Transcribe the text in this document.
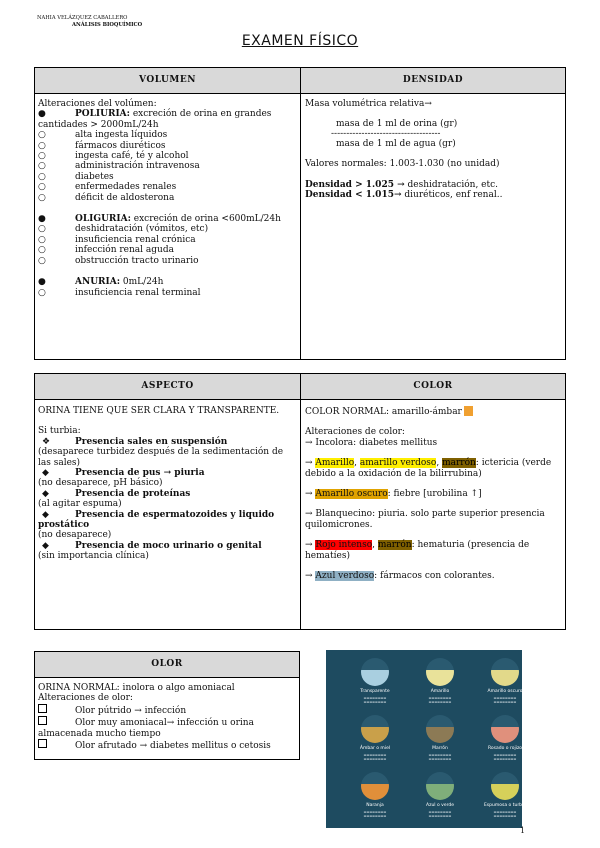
NAHIA VELÁZQUEZ CABALLERO
ANÁLISIS BIOQUÍMICO
EXAMEN FÍSICO
VOLUMEN	DENSIDAD
Alteraciones del volúmen:
●	POLIURIA: excreción de orina en grandes cantidades > 2000mL/24h
○	alta ingesta líquidos
○	fármacos diuréticos
○	ingesta café, té y alcohol
○	administración intravenosa
○	diabetes
○	enfermedades renales
○	déficit de aldosterona
●	OLIGURIA: excreción de orina <600mL/24h
○	deshidratación (vómitos, etc)
○	insuficiencia renal crónica
○	infección renal aguda
○	obstrucción tracto urinario
●	ANURIA: 0mL/24h
○	insuficiencia renal terminal
Masa volumétrica relativa→
masa de 1 ml de orina (gr)
------------------------------------
masa de 1 ml de agua (gr)
Valores normales: 1.003-1.030 (no unidad)
Densidad > 1.025 → deshidratación, etc.
Densidad < 1.015→ diuréticos, enf renal..
ASPECTO	COLOR
ORINA TIENE QUE SER CLARA Y TRANSPARENTE.
Si turbia:
❖	Presencia sales en suspensión
(desaparece turbidez después de la sedimentación de las sales)
◆	Presencia de pus → piuria
(no desaparece, pH básico)
◆	Presencia de proteínas
(al agitar espuma)
◆	Presencia de espermatozoides y liquido prostático
(no desaparece)
◆	Presencia de moco urinario o genital
(sin importancia clínica)
COLOR NORMAL: amarillo-ámbar
Alteraciones de color:
→ Incolora: diabetes mellitus
→ Amarillo, amarillo verdoso, marrón: ictericia (verde debido a la oxidación de la bilirrubina)
→ Amarillo oscuro: fiebre [urobilina ↑]
→ Blanquecino: piuria. solo parte superior presencia quilomicrones.
→ Rojo intenso, marrón: hematuria (presencia de hematíes)
→ Azul verdoso: fármacos con colorantes.
OLOR
ORINA NORMAL: inolora o algo amoniacal
Alteraciones de olor:
Olor pútrido → infección
Olor muy amoniacal→ infección u orina almacenada mucho tiempo
Olor afrutado → diabetes mellitus o cetosis
Transparente
▬▬▬▬▬▬▬▬
▬▬▬▬▬▬▬▬
Amarillo
▬▬▬▬▬▬▬▬
▬▬▬▬▬▬▬▬
Amarillo oscuro
▬▬▬▬▬▬▬▬
▬▬▬▬▬▬▬▬
Ámbar o miel
▬▬▬▬▬▬▬▬
▬▬▬▬▬▬▬▬
Marrón
▬▬▬▬▬▬▬▬
▬▬▬▬▬▬▬▬
Rosado o rojizo
▬▬▬▬▬▬▬▬
▬▬▬▬▬▬▬▬
Naranja
▬▬▬▬▬▬▬▬
▬▬▬▬▬▬▬▬
Azul o verde
▬▬▬▬▬▬▬▬
▬▬▬▬▬▬▬▬
Espumosa o turbia
▬▬▬▬▬▬▬▬
▬▬▬▬▬▬▬▬
1
